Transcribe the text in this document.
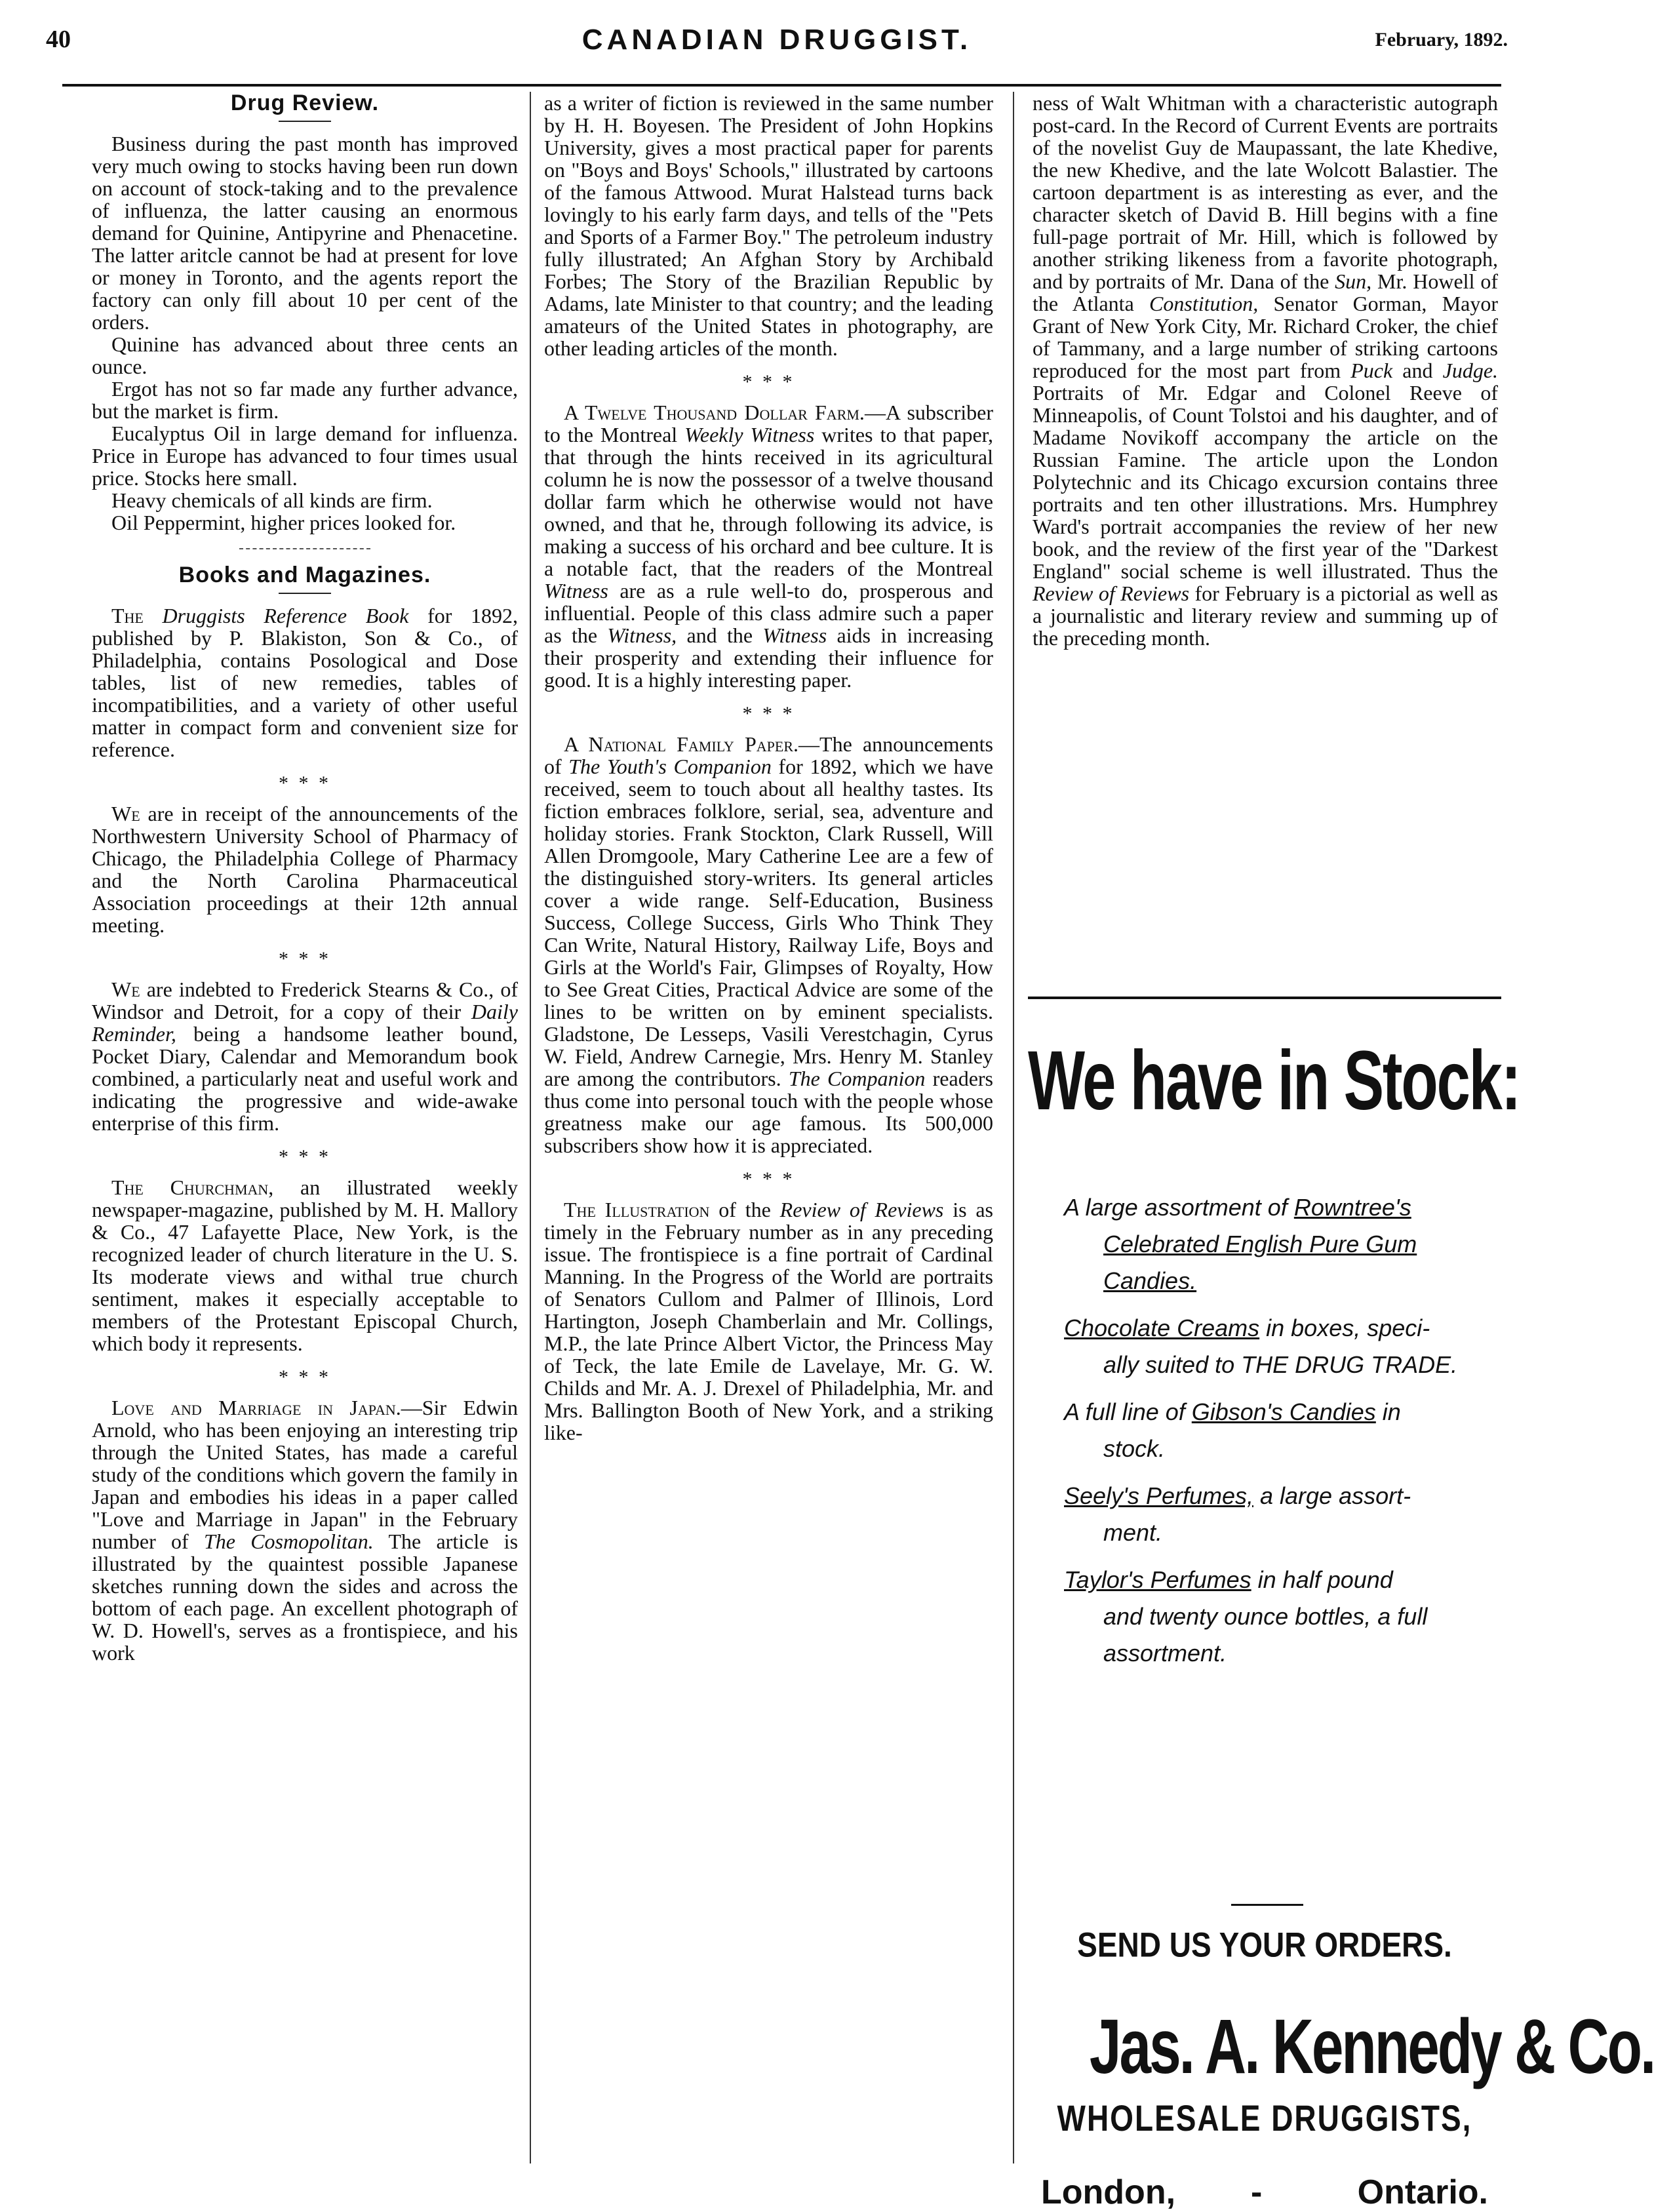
40	CANADIAN DRUGGIST.	February, 1892.
Drug Review.

Business during the past month has improved very much owing to stocks having been run down on account of stock-taking and to the prevalence of influenza, the latter causing an enormous demand for Quinine, Antipyrine and Phenacetine. The latter aritcle cannot be had at present for love or money in Toronto, and the agents report the factory can only fill about 10 per cent of the orders.

Quinine has advanced about three cents an ounce.

Ergot has not so far made any further advance, but the market is firm.

Eucalyptus Oil in large demand for influenza. Price in Europe has advanced to four times usual price. Stocks here small.

Heavy chemicals of all kinds are firm.

Oil Peppermint, higher prices looked for.

Books and Magazines.

The Druggists Reference Book for 1892, published by P. Blakiston, Son & Co., of Philadelphia, contains Posological and Dose tables, list of new remedies, tables of incompatibilities, and a variety of other useful matter in compact form and convenient size for reference.

* * *

We are in receipt of the announcements of the Northwestern University School of Pharmacy of Chicago, the Philadelphia College of Pharmacy and the North Carolina Pharmaceutical Association proceedings at their 12th annual meeting.

* * *

We are indebted to Frederick Stearns & Co., of Windsor and Detroit, for a copy of their Daily Reminder, being a handsome leather bound, Pocket Diary, Calendar and Memorandum book combined, a particularly neat and useful work and indicating the progressive and wide-awake enterprise of this firm.

* * *

The Churchman, an illustrated weekly newspaper-magazine, published by M. H. Mallory & Co., 47 Lafayette Place, New York, is the recognized leader of church literature in the U. S. Its moderate views and withal true church sentiment, makes it especially acceptable to members of the Protestant Episcopal Church, which body it represents.

* * *

Love and Marriage in Japan.—Sir Edwin Arnold, who has been enjoying an interesting trip through the United States, has made a careful study of the conditions which govern the family in Japan and embodies his ideas in a paper called "Love and Marriage in Japan" in the February number of The Cosmopolitan. The article is illustrated by the quaintest possible Japanese sketches running down the sides and across the bottom of each page. An excellent photograph of W. D. Howell's, serves as a frontispiece, and his work

as a writer of fiction is reviewed in the same number by H. H. Boyesen. The President of John Hopkins University, gives a most practical paper for parents on "Boys and Boys' Schools," illustrated by cartoons of the famous Attwood. Murat Halstead turns back lovingly to his early farm days, and tells of the "Pets and Sports of a Farmer Boy." The petroleum industry fully illustrated; An Afghan Story by Archibald Forbes; The Story of the Brazilian Republic by Adams, late Minister to that country; and the leading amateurs of the United States in photography, are other leading articles of the month.

* * *

A Twelve Thousand Dollar Farm.—A subscriber to the Montreal Weekly Witness writes to that paper, that through the hints received in its agricultural column he is now the possessor of a twelve thousand dollar farm which he otherwise would not have owned, and that he, through following its advice, is making a success of his orchard and bee culture. It is a notable fact, that the readers of the Montreal Witness are as a rule well-to do, prosperous and influential. People of this class admire such a paper as the Witness, and the Witness aids in increasing their prosperity and extending their influence for good. It is a highly interesting paper.

* * *

A National Family Paper.—The announcements of The Youth's Companion for 1892, which we have received, seem to touch about all healthy tastes. Its fiction embraces folklore, serial, sea, adventure and holiday stories. Frank Stockton, Clark Russell, Will Allen Dromgoole, Mary Catherine Lee are a few of the distinguished story-writers. Its general articles cover a wide range. Self-Education, Business Success, College Success, Girls Who Think They Can Write, Natural History, Railway Life, Boys and Girls at the World's Fair, Glimpses of Royalty, How to See Great Cities, Practical Advice are some of the lines to be written on by eminent specialists. Gladstone, De Lesseps, Vasili Verestchagin, Cyrus W. Field, Andrew Carnegie, Mrs. Henry M. Stanley are among the contributors. The Companion readers thus come into personal touch with the people whose greatness make our age famous. Its 500,000 subscribers show how it is appreciated.

* * *

The Illustration of the Review of Reviews is as timely in the February number as in any preceding issue. The frontispiece is a fine portrait of Cardinal Manning. In the Progress of the World are portraits of Senators Cullom and Palmer of Illinois, Lord Hartington, Joseph Chamberlain and Mr. Collings, M.P., the late Prince Albert Victor, the Princess May of Teck, the late Emile de Lavelaye, Mr. G. W. Childs and Mr. A. J. Drexel of Philadelphia, Mr. and Mrs. Ballington Booth of New York, and a striking like-

ness of Walt Whitman with a characteristic autograph post-card. In the Record of Current Events are portraits of the novelist Guy de Maupassant, the late Khedive, the new Khedive, and the late Wolcott Balastier. The cartoon department is as interesting as ever, and the character sketch of David B. Hill begins with a fine full-page portrait of Mr. Hill, which is followed by another striking likeness from a favorite photograph, and by portraits of Mr. Dana of the Sun, Mr. Howell of the Atlanta Constitution, Senator Gorman, Mayor Grant of New York City, Mr. Richard Croker, the chief of Tammany, and a large number of striking cartoons reproduced for the most part from Puck and Judge. Portraits of Mr. Edgar and Colonel Reeve of Minneapolis, of Count Tolstoi and his daughter, and of Madame Novikoff accompany the article on the Russian Famine. The article upon the London Polytechnic and its Chicago excursion contains three portraits and ten other illustrations. Mrs. Humphrey Ward's portrait accompanies the review of her new book, and the review of the first year of the "Darkest England" social scheme is well illustrated. Thus the Review of Reviews for February is a pictorial as well as a journalistic and literary review and summing up of the preceding month.

We have in Stock:
A large assortment of Rowntree's
Celebrated English Pure Gum
Candies.
Chocolate Creams in boxes, speci-
ally suited to THE DRUG TRADE.
A full line of Gibson's Candies in
stock.
Seely's Perfumes, a large assort-
ment.
Taylor's Perfumes in half pound
and twenty ounce bottles, a full
assortment.
SEND US YOUR ORDERS.
Jas. A. Kennedy & Co.
WHOLESALE DRUGGISTS,
London, -	Ontario.
